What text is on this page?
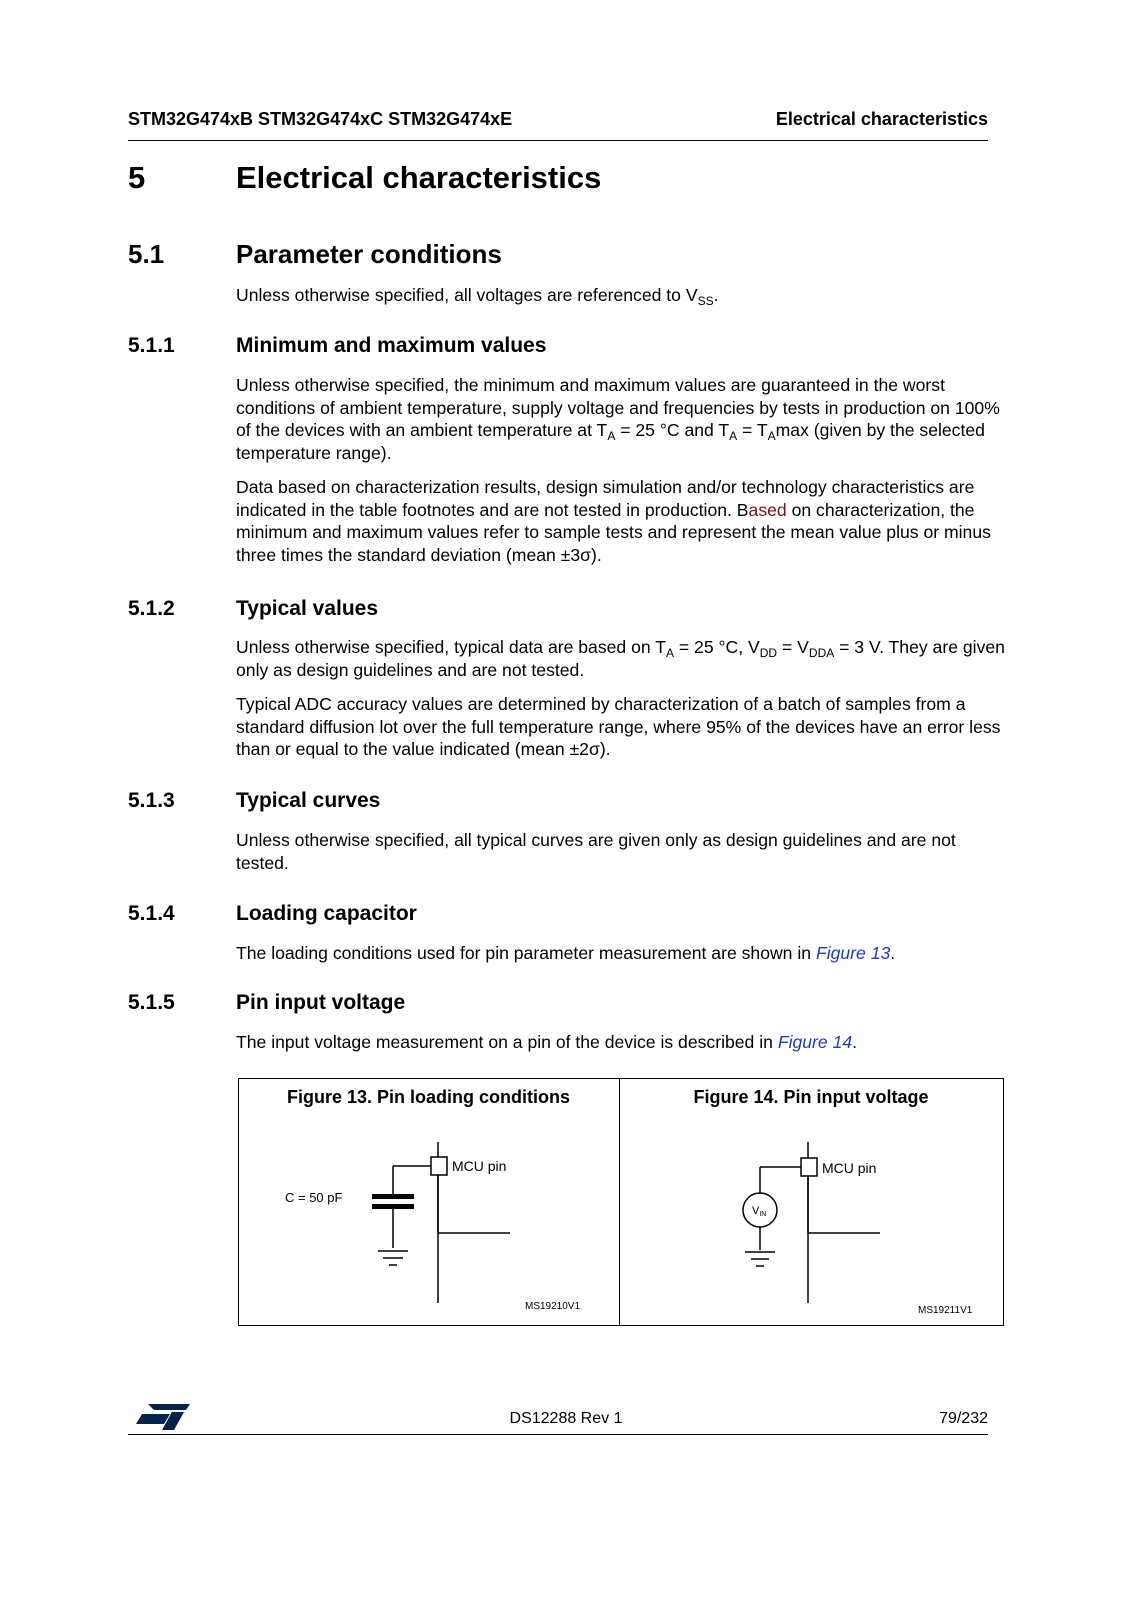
STM32G474xB STM32G474xC STM32G474xE	Electrical characteristics
5	Electrical characteristics
5.1	Parameter conditions
Unless otherwise specified, all voltages are referenced to $V_{SS}$.
5.1.1	Minimum and maximum values
Unless otherwise specified, the minimum and maximum values are guaranteed in the worst conditions of ambient temperature, supply voltage and frequencies by tests in production on 100% of the devices with an ambient temperature at $T_A = 25$ °C and $T_A = T_A\max$ (given by the selected temperature range).
Data based on characterization results, design simulation and/or technology characteristics are indicated in the table footnotes and are not tested in production. Based on characterization, the minimum and maximum values refer to sample tests and represent the mean value plus or minus three times the standard deviation (mean ±3σ).
5.1.2	Typical values
Unless otherwise specified, typical data are based on $T_A = 25$ °C, $V_{DD} = V_{DDA} = 3$ V. They are given only as design guidelines and are not tested.
Typical ADC accuracy values are determined by characterization of a batch of samples from a standard diffusion lot over the full temperature range, where 95% of the devices have an error less than or equal to the value indicated (mean ±2σ).
5.1.3	Typical curves
Unless otherwise specified, all typical curves are given only as design guidelines and are not tested.
5.1.4	Loading capacitor
The loading conditions used for pin parameter measurement are shown in Figure 13.
5.1.5	Pin input voltage
The input voltage measurement on a pin of the device is described in Figure 14.
Figure 13. Pin loading conditions
MCU pin
C = 50 pF
MS19210V1
Figure 14. Pin input voltage
VIN
MCU pin
MS19211V1
ST
DS12288 Rev 1	79/232
